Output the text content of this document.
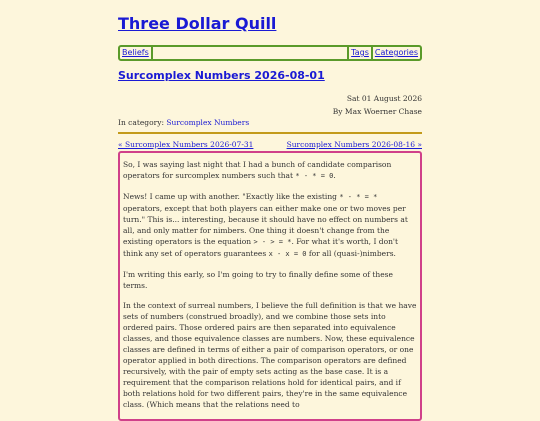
Three Dollar Quill
Beliefs	Tags Categories
Surcomplex Numbers 2026-08-01
Sat 01 August 2026
By Max Woerner Chase
In category: Surcomplex Numbers
« Surcomplex Numbers 2026-07-31	Surcomplex Numbers 2026-08-16 »

So, I was saying last night that I had a bunch of candidate comparison operators for surcomplex numbers such that * - * = 0.

News! I came up with another. "Exactly like the existing * - * = * operators, except that both players can either make one or two moves per turn." This is... interesting, because it should have no effect on numbers at all, and only matter for nimbers. One thing it doesn't change from the existing operators is the equation > - > = *. For what it's worth, I don't think any set of operators guarantees x - x = 0 for all (quasi-)nimbers.

I'm writing this early, so I'm going to try to finally define some of these terms.

In the context of surreal numbers, I believe the full definition is that we have sets of numbers (construed broadly), and we combine those sets into ordered pairs. Those ordered pairs are then separated into equivalence classes, and those equivalence classes are numbers. Now, these equivalence classes are defined in terms of either a pair of comparison operators, or one operator applied in both directions. The comparison operators are defined recursively, with the pair of empty sets acting as the base case. It is a requirement that the comparison relations hold for identical pairs, and if both relations hold for two different pairs, they're in the same equivalence class. (Which means that the relations need to
